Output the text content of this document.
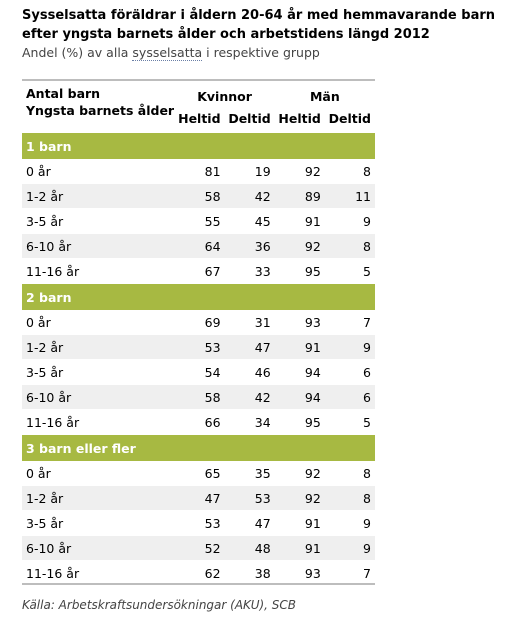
Sysselsatta föräldrar i åldern 20-64 år med hemmavarande barn efter yngsta barnets ålder och arbetstidens längd 2012
Andel (%) av alla sysselsatta i respektive grupp
Antal barn
Yngsta barnets ålder	Kvinnor		Män	
	Heltid	Deltid	Heltid	Deltid
1 barn				
0 år	81	19	92	8
1-2 år	58	42	89	11
3-5 år	55	45	91	9
6-10 år	64	36	92	8
11-16 år	67	33	95	5
2 barn				
0 år	69	31	93	7
1-2 år	53	47	91	9
3-5 år	54	46	94	6
6-10 år	58	42	94	6
11-16 år	66	34	95	5
3 barn eller fler				
0 år	65	35	92	8
1-2 år	47	53	92	8
3-5 år	53	47	91	9
6-10 år	52	48	91	9
11-16 år	62	38	93	7
Källa: Arbetskraftsundersökningar (AKU), SCB
